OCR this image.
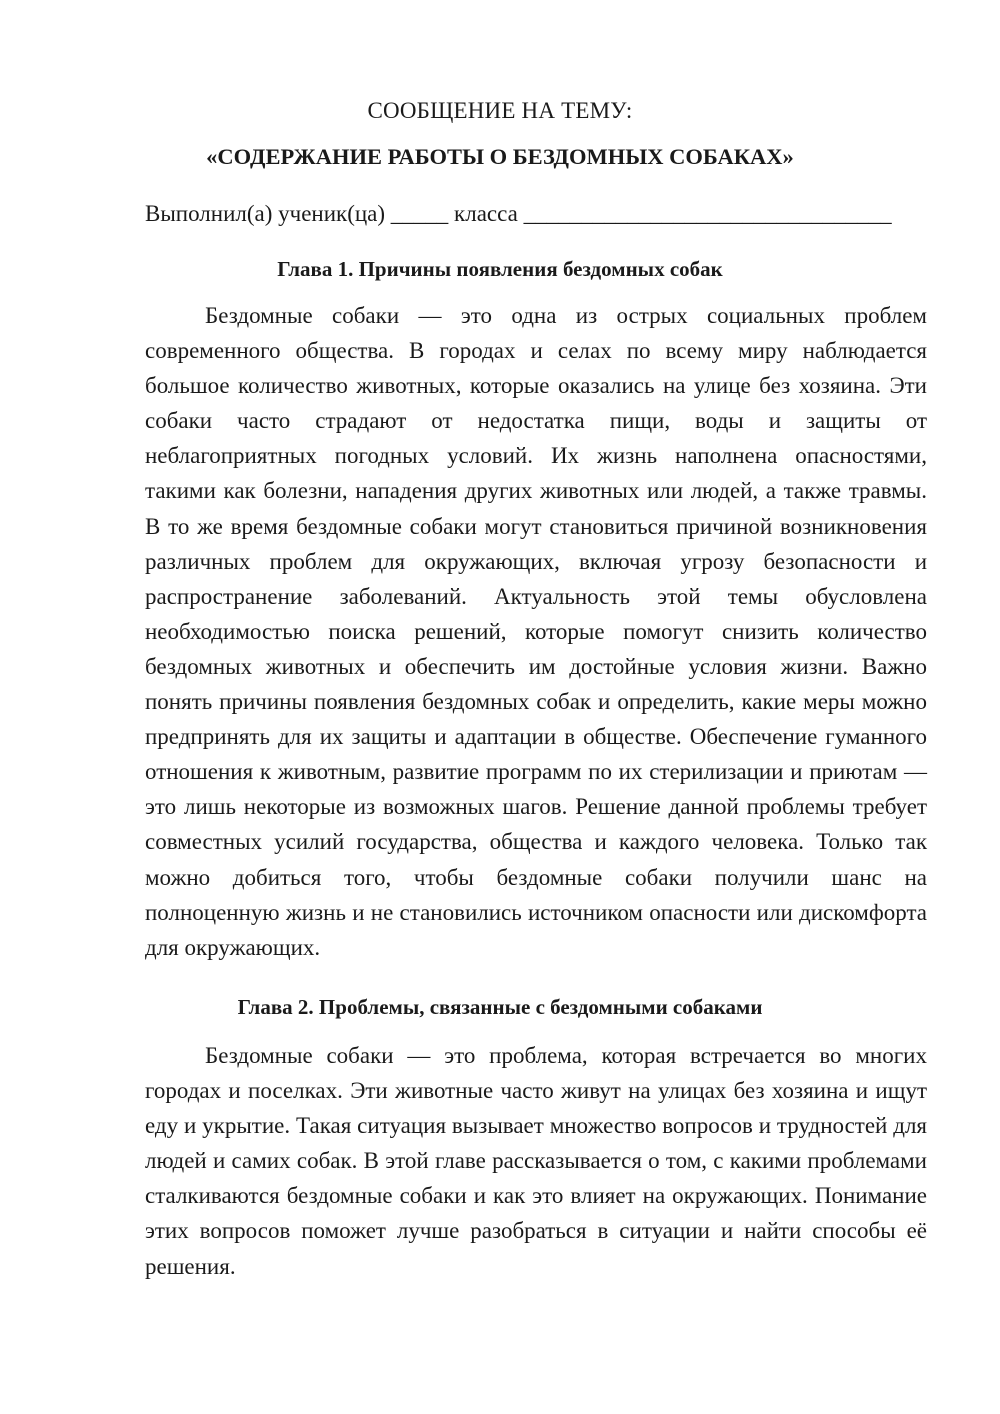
СООБЩЕНИЕ НА ТЕМУ:

«СОДЕРЖАНИЕ РАБОТЫ О БЕЗДОМНЫХ СОБАКАХ»

Выполнил(а) ученик(ца) _____ класса ________________________________

Глава 1. Причины появления бездомных собак

Бездомные собаки — это одна из острых социальных проблем современного общества. В городах и селах по всему миру наблюдается большое количество животных, которые оказались на улице без хозяина. Эти собаки часто страдают от недостатка пищи, воды и защиты от неблагоприятных погодных условий. Их жизнь наполнена опасностями, такими как болезни, нападения других животных или людей, а также травмы. В то же время бездомные собаки могут становиться причиной возникновения различных проблем для окружающих, включая угрозу безопасности и распространение заболеваний. Актуальность этой темы обусловлена необходимостью поиска решений, которые помогут снизить количество бездомных животных и обеспечить им достойные условия жизни. Важно понять причины появления бездомных собак и определить, какие меры можно предпринять для их защиты и адаптации в обществе. Обеспечение гуманного отношения к животным, развитие программ по их стерилизации и приютам — это лишь некоторые из возможных шагов. Решение данной проблемы требует совместных усилий государства, общества и каждого человека. Только так можно добиться того, чтобы бездомные собаки получили шанс на полноценную жизнь и не становились источником опасности или дискомфорта для окружающих.

Глава 2. Проблемы, связанные с бездомными собаками

Бездомные собаки — это проблема, которая встречается во многих городах и поселках. Эти животные часто живут на улицах без хозяина и ищут еду и укрытие. Такая ситуация вызывает множество вопросов и трудностей для людей и самих собак. В этой главе рассказывается о том, с какими проблемами сталкиваются бездомные собаки и как это влияет на окружающих. Понимание этих вопросов поможет лучше разобраться в ситуации и найти способы её решения.
